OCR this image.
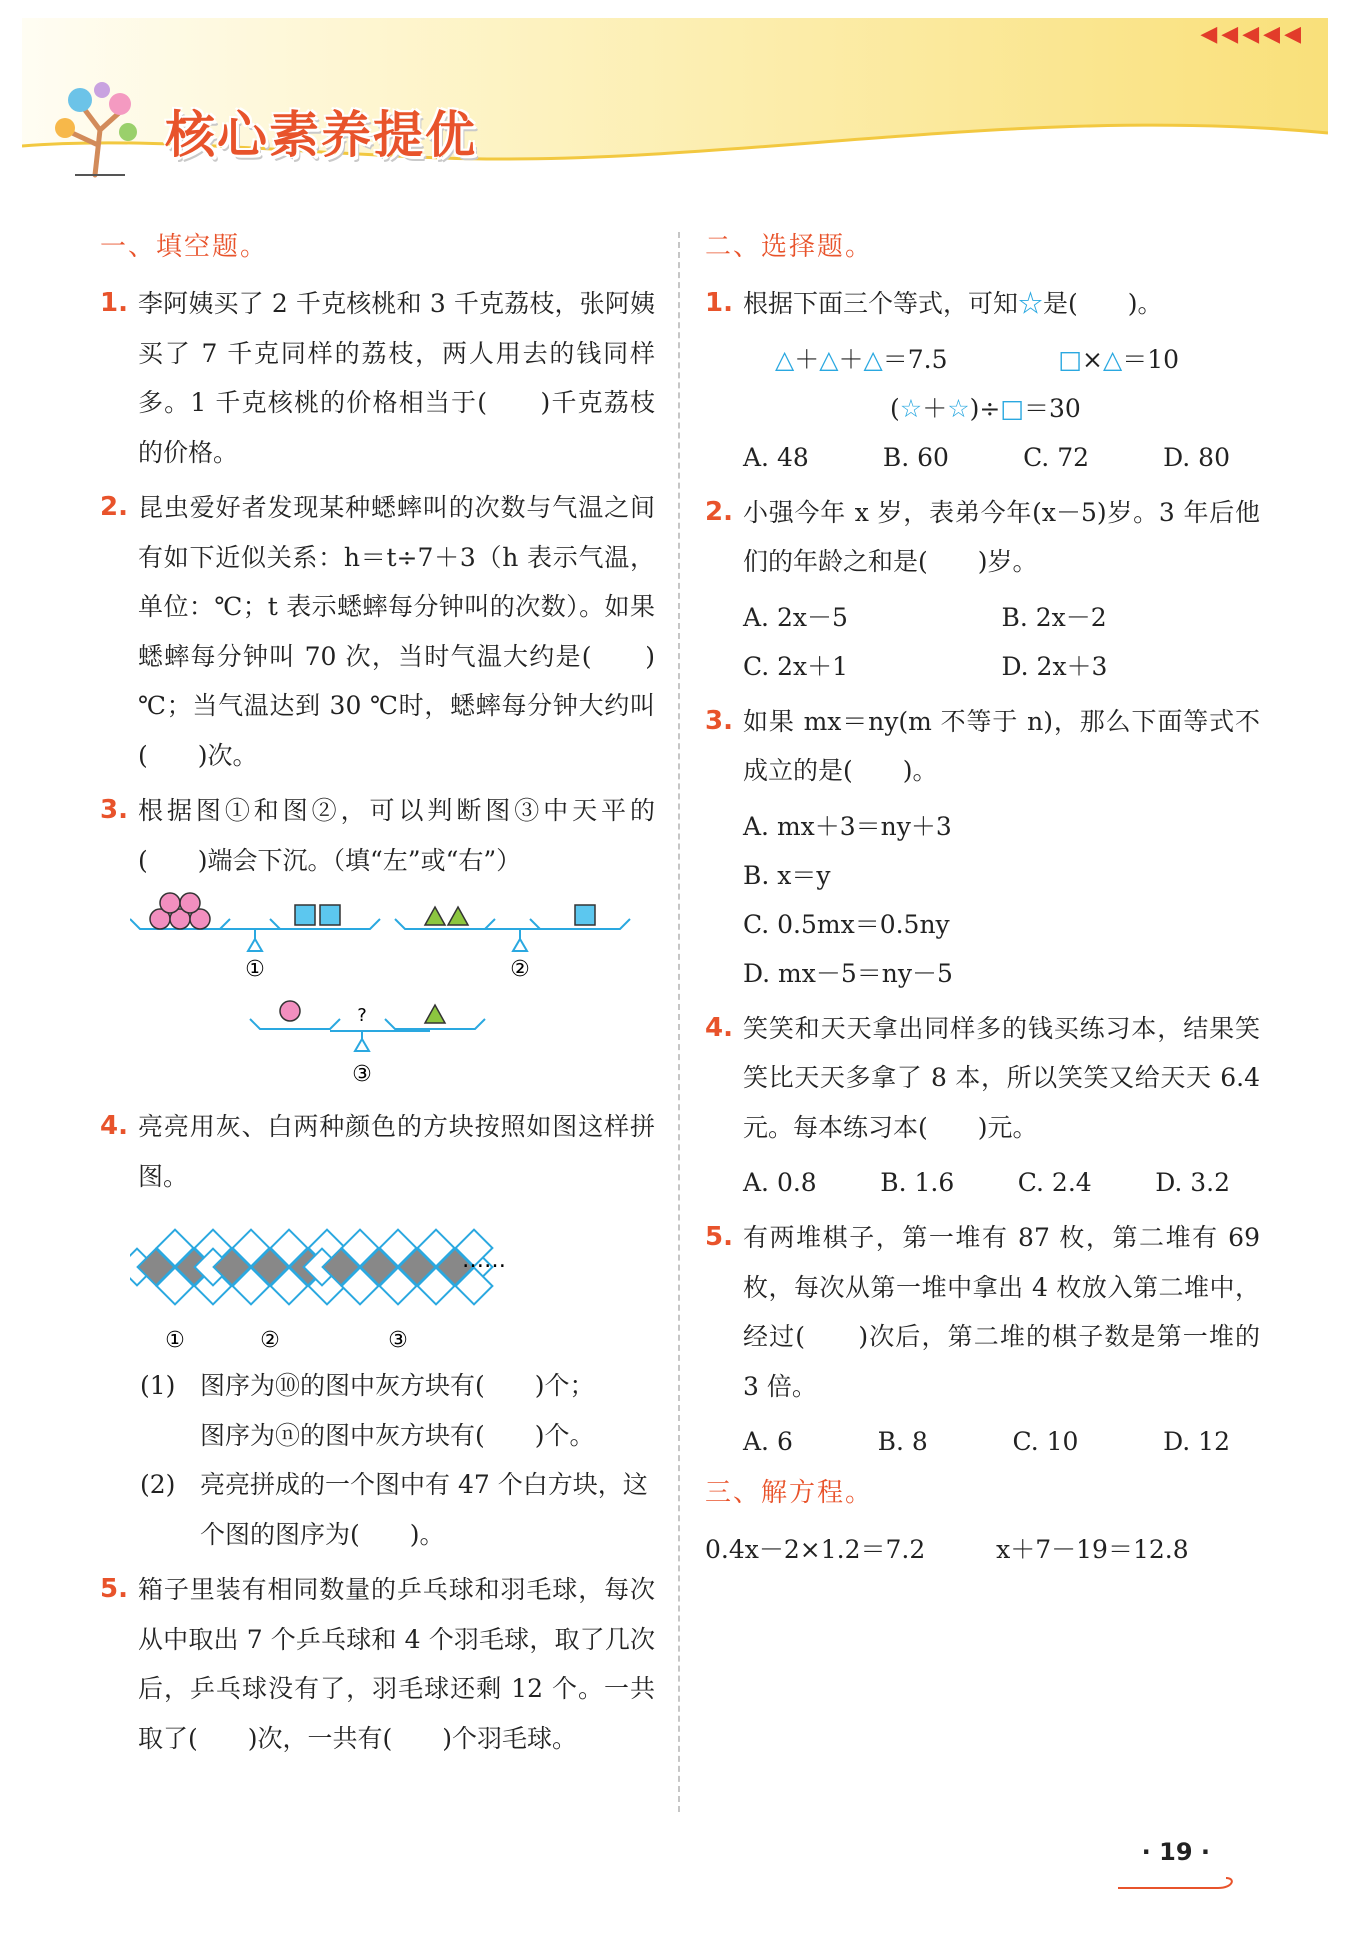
核心素养提优
◀◀◀◀◀
一、填空题。
1. 李阿姨买了 2 千克核桃和 3 千克荔枝，张阿姨买了 7 千克同样的荔枝，两人用去的钱同样多。1 千克核桃的价格相当于(　　)千克荔枝的价格。
2. 昆虫爱好者发现某种蟋蟀叫的次数与气温之间有如下近似关系：h＝t÷7＋3（h 表示气温，单位：℃；t 表示蟋蟀每分钟叫的次数）。如果蟋蟀每分钟叫 70 次，当时气温大约是(　　)℃；当气温达到 30 ℃时，蟋蟀每分钟大约叫(　　)次。
3. 根据图①和图②，可以判断图③中天平的(　　)端会下沉。（填“左”或“右”）
①	②
?
③
4. 亮亮用灰、白两种颜色的方块按照如图这样拼图。
……
①	②	③
(1) 图序为⑩的图中灰方块有(　　)个；
图序为ⓝ的图中灰方块有(　　)个。
(2) 亮亮拼成的一个图中有 47 个白方块，这个图的图序为(　　)。
5. 箱子里装有相同数量的乒乓球和羽毛球，每次从中取出 7 个乒乓球和 4 个羽毛球，取了几次后，乒乓球没有了，羽毛球还剩 12 个。一共取了(　　)次，一共有(　　)个羽毛球。
二、选择题。
1. 根据下面三个等式，可知☆是(　　)。
△＋△＋△＝7.5	□×△＝10
(☆＋☆)÷□＝30
A. 48	B. 60	C. 72	D. 80
2. 小强今年 x 岁，表弟今年(x－5)岁。3 年后他们的年龄之和是(　　)岁。
A. 2x－5	B. 2x－2
C. 2x＋1	D. 2x＋3
3. 如果 mx＝ny(m 不等于 n)，那么下面等式不成立的是(　　)。
A. mx＋3＝ny＋3
B. x＝y
C. 0.5mx＝0.5ny
D. mx－5＝ny－5
4. 笑笑和天天拿出同样多的钱买练习本，结果笑笑比天天多拿了 8 本，所以笑笑又给天天 6.4 元。每本练习本(　　)元。
A. 0.8	B. 1.6	C. 2.4	D. 3.2
5. 有两堆棋子，第一堆有 87 枚，第二堆有 69 枚，每次从第一堆中拿出 4 枚放入第二堆中，经过(　　)次后，第二堆的棋子数是第一堆的 3 倍。
A. 6	B. 8	C. 10	D. 12
三、解方程。
0.4x－2×1.2＝7.2	x＋7－19＝12.8
· 19 ·
